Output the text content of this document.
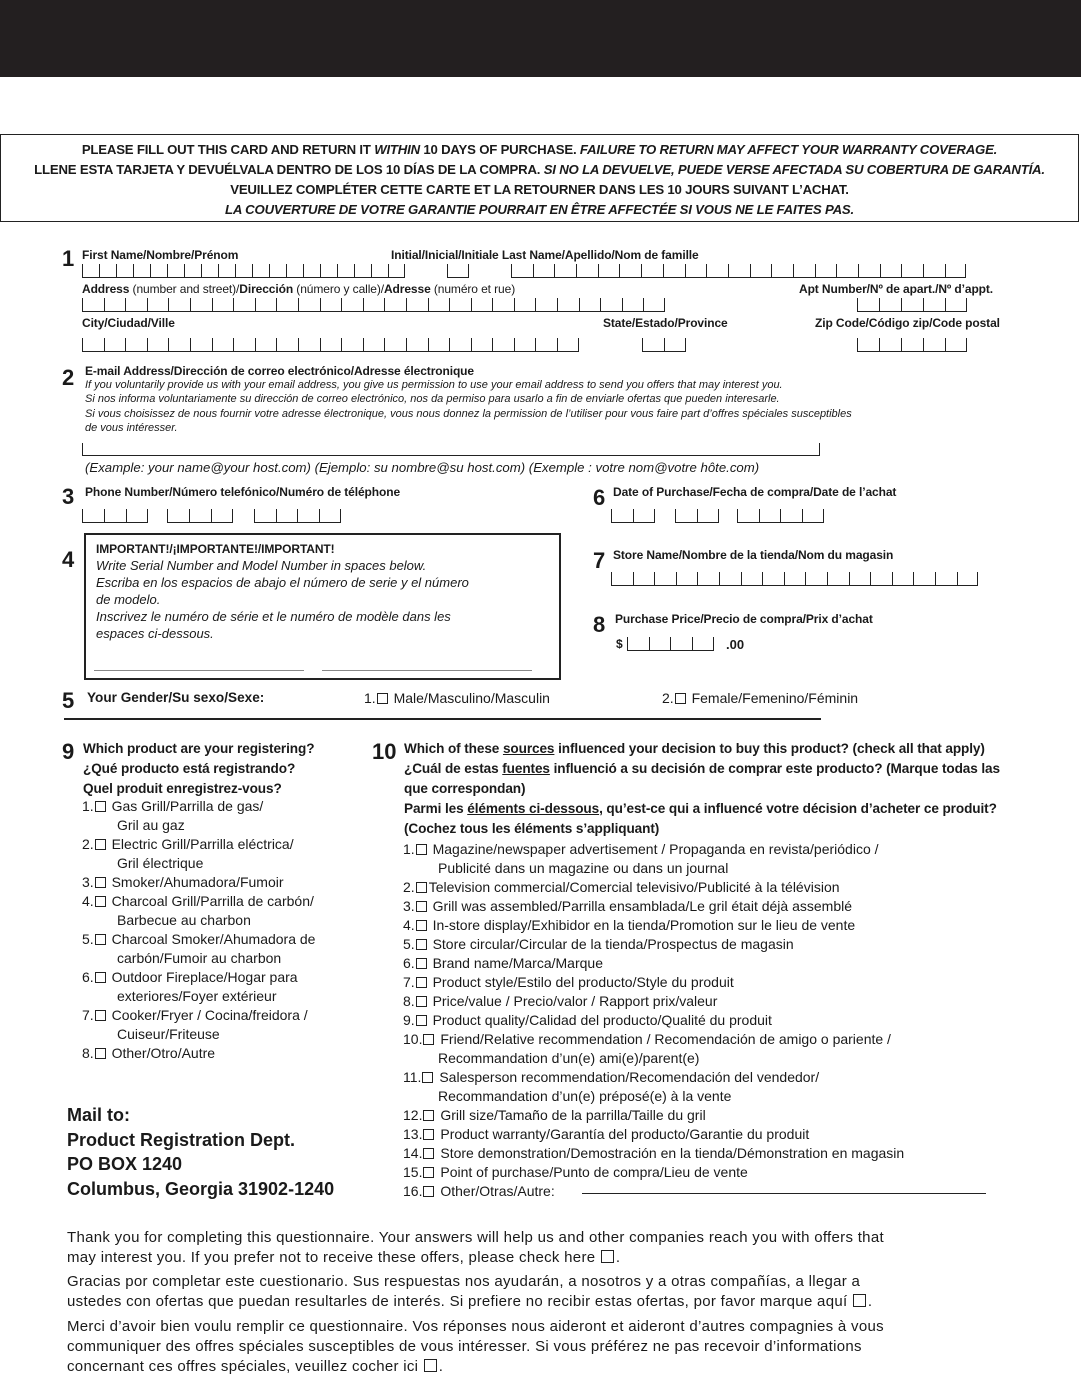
PLEASE FILL OUT THIS CARD AND RETURN IT WITHIN 10 DAYS OF PURCHASE. FAILURE TO RETURN MAY AFFECT YOUR WARRANTY COVERAGE.
LLENE ESTA TARJETA Y DEVUÉLVALA DENTRO DE LOS 10 DÍAS DE LA COMPRA. SI NO LA DEVUELVE, PUEDE VERSE AFECTADA SU COBERTURA DE GARANTÍA.
VEUILLEZ COMPLÉTER CETTE CARTE ET LA RETOURNER DANS LES 10 JOURS SUIVANT L’ACHAT.
LA COUVERTURE DE VOTRE GARANTIE POURRAIT EN ÊTRE AFFECTÉE SI VOUS NE LE FAITES PAS.
1 First Name/Nombre/Prénom	Initial/Inicial/Initiale Last Name/Apellido/Nom de famille
Address (number and street)/Dirección (número y calle)/Adresse (numéro et rue)	Apt Number/Nº de apart./Nº d’appt.
City/Ciudad/Ville	State/Estado/Province	Zip Code/Código zip/Code postal
2 E-mail Address/Dirección de correo electrónico/Adresse électronique
If you voluntarily provide us with your email address, you give us permission to use your email address to send you offers that may interest you.
Si nos informa voluntariamente su dirección de correo electrónico, nos da permiso para usarlo a fin de enviarle ofertas que pueden interesarle.
Si vous choisissez de nous fournir votre adresse électronique, vous nous donnez la permission de l’utiliser pour vous faire part d’offres spéciales susceptibles
de vous intéresser.
(Example: your name@your host.com) (Ejemplo: su nombre@su host.com) (Exemple : votre nom@votre hôte.com)
3 Phone Number/Número telefónico/Numéro de téléphone
4 IMPORTANT!/¡IMPORTANTE!/IMPORTANT!
Write Serial Number and Model Number in spaces below.
Escriba en los espacios de abajo el número de serie y el número
de modelo.
Inscrivez le numéro de série et le numéro de modèle dans les
espaces ci-dessous.
5 Your Gender/Su sexo/Sexe:	1. Male/Masculino/Masculin	2. Female/Femenino/Féminin
6 Date of Purchase/Fecha de compra/Date de l’achat
7 Store Name/Nombre de la tienda/Nom du magasin
8 Purchase Price/Precio de compra/Prix d’achat
$	.00
9 Which product are your registering?
¿Qué producto está registrando?
Quel produit enregistrez-vous?
1. Gas Grill/Parrilla de gas/
Gril au gaz
2. Electric Grill/Parrilla eléctrica/
Gril électrique
3. Smoker/Ahumadora/Fumoir
4. Charcoal Grill/Parrilla de carbón/
Barbecue au charbon
5. Charcoal Smoker/Ahumadora de
carbón/Fumoir au charbon
6. Outdoor Fireplace/Hogar para
exteriores/Foyer extérieur
7. Cooker/Fryer / Cocina/freidora /
Cuiseur/Friteuse
8. Other/Otro/Autre
Mail to:
Product Registration Dept.
PO BOX 1240
Columbus, Georgia 31902-1240
10 Which of these sources influenced your decision to buy this product? (check all that apply)
¿Cuál de estas fuentes influenció a su decisión de comprar este producto? (Marque todas las
que correspondan)
Parmi les éléments ci-dessous, qu’est-ce qui a influencé votre décision d’acheter ce produit?
(Cochez tous les éléments s’appliquant)
1. Magazine/newspaper advertisement / Propaganda en revista/periódico /
Publicité dans un magazine ou dans un journal
2. Television commercial/Comercial televisivo/Publicité à la télévision
3. Grill was assembled/Parrilla ensamblada/Le gril était déjà assemblé
4. In-store display/Exhibidor en la tienda/Promotion sur le lieu de vente
5. Store circular/Circular de la tienda/Prospectus de magasin
6. Brand name/Marca/Marque
7. Product style/Estilo del producto/Style du produit
8. Price/value / Precio/valor / Rapport prix/valeur
9. Product quality/Calidad del producto/Qualité du produit
10. Friend/Relative recommendation / Recomendación de amigo o pariente /
Recommandation d’un(e) ami(e)/parent(e)
11. Salesperson recommendation/Recomendación del vendedor/
Recommandation d’un(e) préposé(e) à la vente
12. Grill size/Tamaño de la parrilla/Taille du gril
13. Product warranty/Garantía del producto/Garantie du produit
14. Store demonstration/Demostración en la tienda/Démonstration en magasin
15. Point of purchase/Punto de compra/Lieu de vente
16. Other/Otras/Autre:
Thank you for completing this questionnaire. Your answers will help us and other companies reach you with offers that
may interest you. If you prefer not to receive these offers, please check here .
Gracias por completar este cuestionario. Sus respuestas nos ayudarán, a nosotros y a otras compañías, a llegar a
ustedes con ofertas que puedan resultarles de interés. Si prefiere no recibir estas ofertas, por favor marque aquí .
Merci d’avoir bien voulu remplir ce questionnaire. Vos réponses nous aideront et aideront d’autres compagnies à vous
communiquer des offres spéciales susceptibles de vous intéresser. Si vous préférez ne pas recevoir d’informations
concernant ces offres spéciales, veuillez cocher ici .
